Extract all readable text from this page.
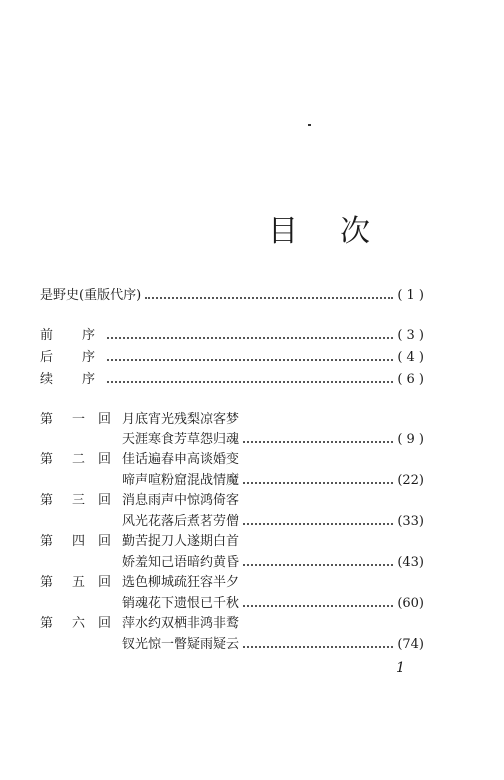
目 次
是野史(重版代序)	( 1 )
前　序	( 3 )
后　序	( 4 )
续　序	( 6 )
第 一 回 月底宵光残梨凉客梦
天涯寒食芳草怨归魂	( 9 )
第 二 回 佳话遍春申高谈婚变
啼声喧粉窟混战情魔	(22)
第 三 回 消息雨声中惊鸿倚客
风光花落后煮茗劳僧	(33)
第 四 回 勤苦捉刀人遂期白首
娇羞知己语暗约黄昏	(43)
第 五 回 选色柳城疏狂容半夕
销魂花下遗恨已千秋	(60)
第 六 回 萍水约双栖非鸿非鹜
钗光惊一瞥疑雨疑云	(74)
1
